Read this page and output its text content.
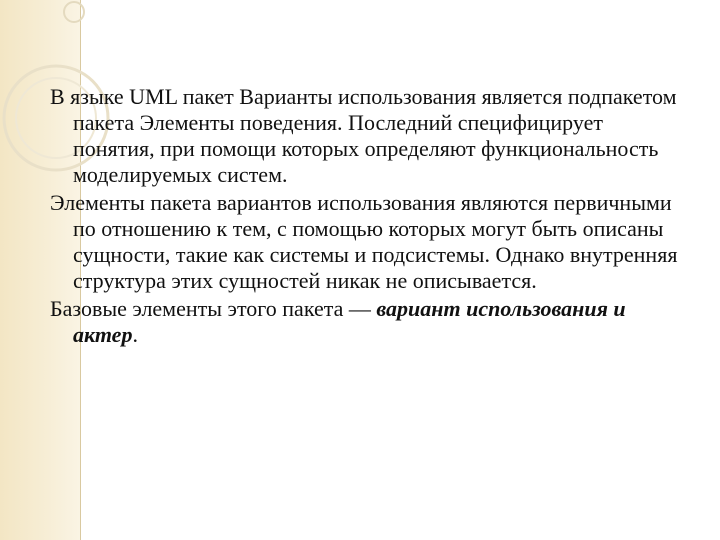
В языке UML пакет Варианты использования является подпакетом пакета Элементы поведения. Последний специфицирует понятия, при помощи которых определяют функциональность моделируемых систем.

Элементы пакета вариантов использования являются первичными по отношению к тем, с помощью которых могут быть описаны сущности, такие как системы и подсистемы. Однако внутренняя структура этих сущностей никак не описывается.

Базовые элементы этого пакета — вариант использования и актер.
